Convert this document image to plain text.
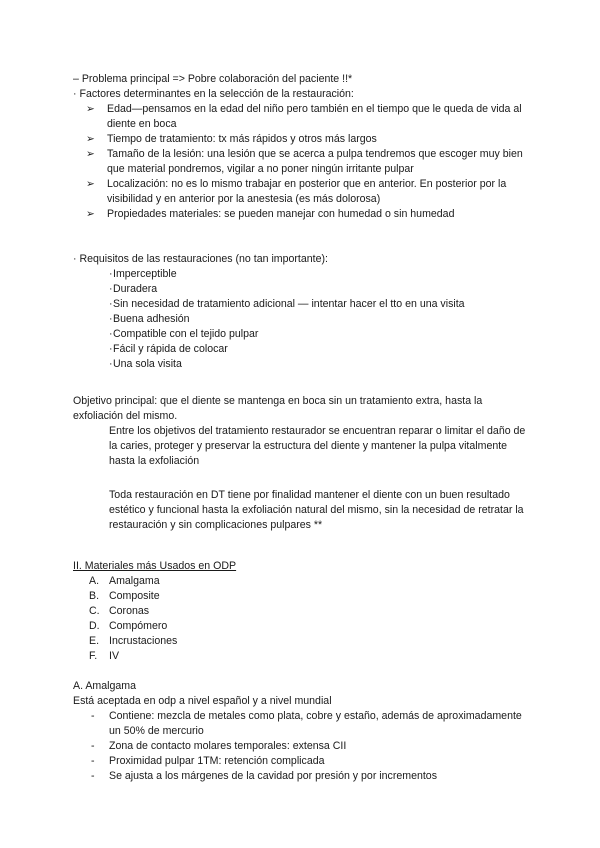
– Problema principal => Pobre colaboración del paciente !!*

· Factores determinantes en la selección de la restauración:

➢ Edad—pensamos en la edad del niño pero también en el tiempo que le queda de vida al diente en boca
➢ Tiempo de tratamiento: tx más rápidos y otros más largos
➢ Tamaño de la lesión: una lesión que se acerca a pulpa tendremos que escoger muy bien que material pondremos, vigilar a no poner ningún irritante pulpar
➢ Localización: no es lo mismo trabajar en posterior que en anterior. En posterior por la visibilidad y en anterior por la anestesia (es más dolorosa)
➢ Propiedades materiales: se pueden manejar con humedad o sin humedad

· Requisitos de las restauraciones (no tan importante):

· Imperceptible
· Duradera
· Sin necesidad de tratamiento adicional — intentar hacer el tto en una visita
· Buena adhesión
· Compatible con el tejido pulpar
· Fácil y rápida de colocar
· Una sola visita

Objetivo principal: que el diente se mantenga en boca sin un tratamiento extra, hasta la exfoliación del mismo.

Entre los objetivos del tratamiento restaurador se encuentran reparar o limitar el daño de la caries, proteger y preservar la estructura del diente y mantener la pulpa vitalmente hasta la exfoliación

Toda restauración en DT tiene por finalidad mantener el diente con un buen resultado estético y funcional hasta la exfoliación natural del mismo, sin la necesidad de retratar la restauración y sin complicaciones pulpares **

II. Materiales más Usados en ODP

A. Amalgama
B. Composite
C. Coronas
D. Compómero
E. Incrustaciones
F. IV

A. Amalgama

Está aceptada en odp a nivel español y a nivel mundial

- Contiene: mezcla de metales como plata, cobre y estaño, además de aproximadamente un 50% de mercurio
- Zona de contacto molares temporales: extensa CII
- Proximidad pulpar 1TM: retención complicada
- Se ajusta a los márgenes de la cavidad por presión y por incrementos
